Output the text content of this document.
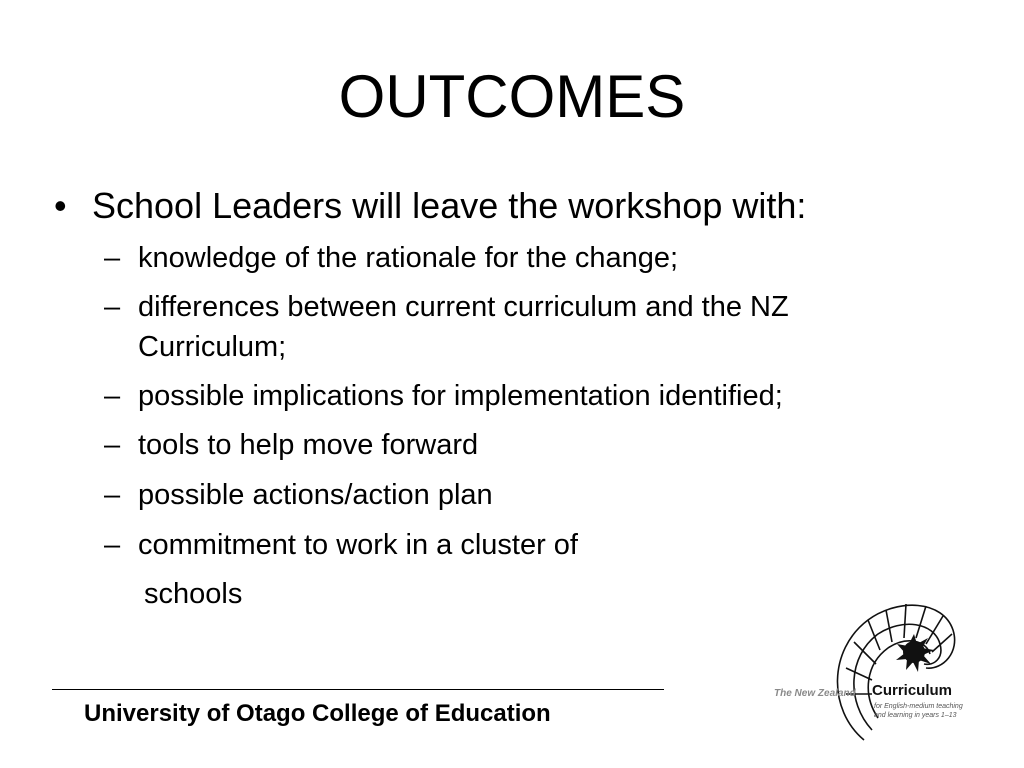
OUTCOMES
• School Leaders will leave the workshop with:
– knowledge of the rationale for the change;
– differences between current curriculum and the NZ Curriculum;
– possible implications for implementation identified;
– tools to help move forward
– possible actions/action plan
– commitment to work in a cluster of
schools
University of Otago College of Education
The New Zealand Curriculum
for English-medium teaching
and learning in years 1–13
